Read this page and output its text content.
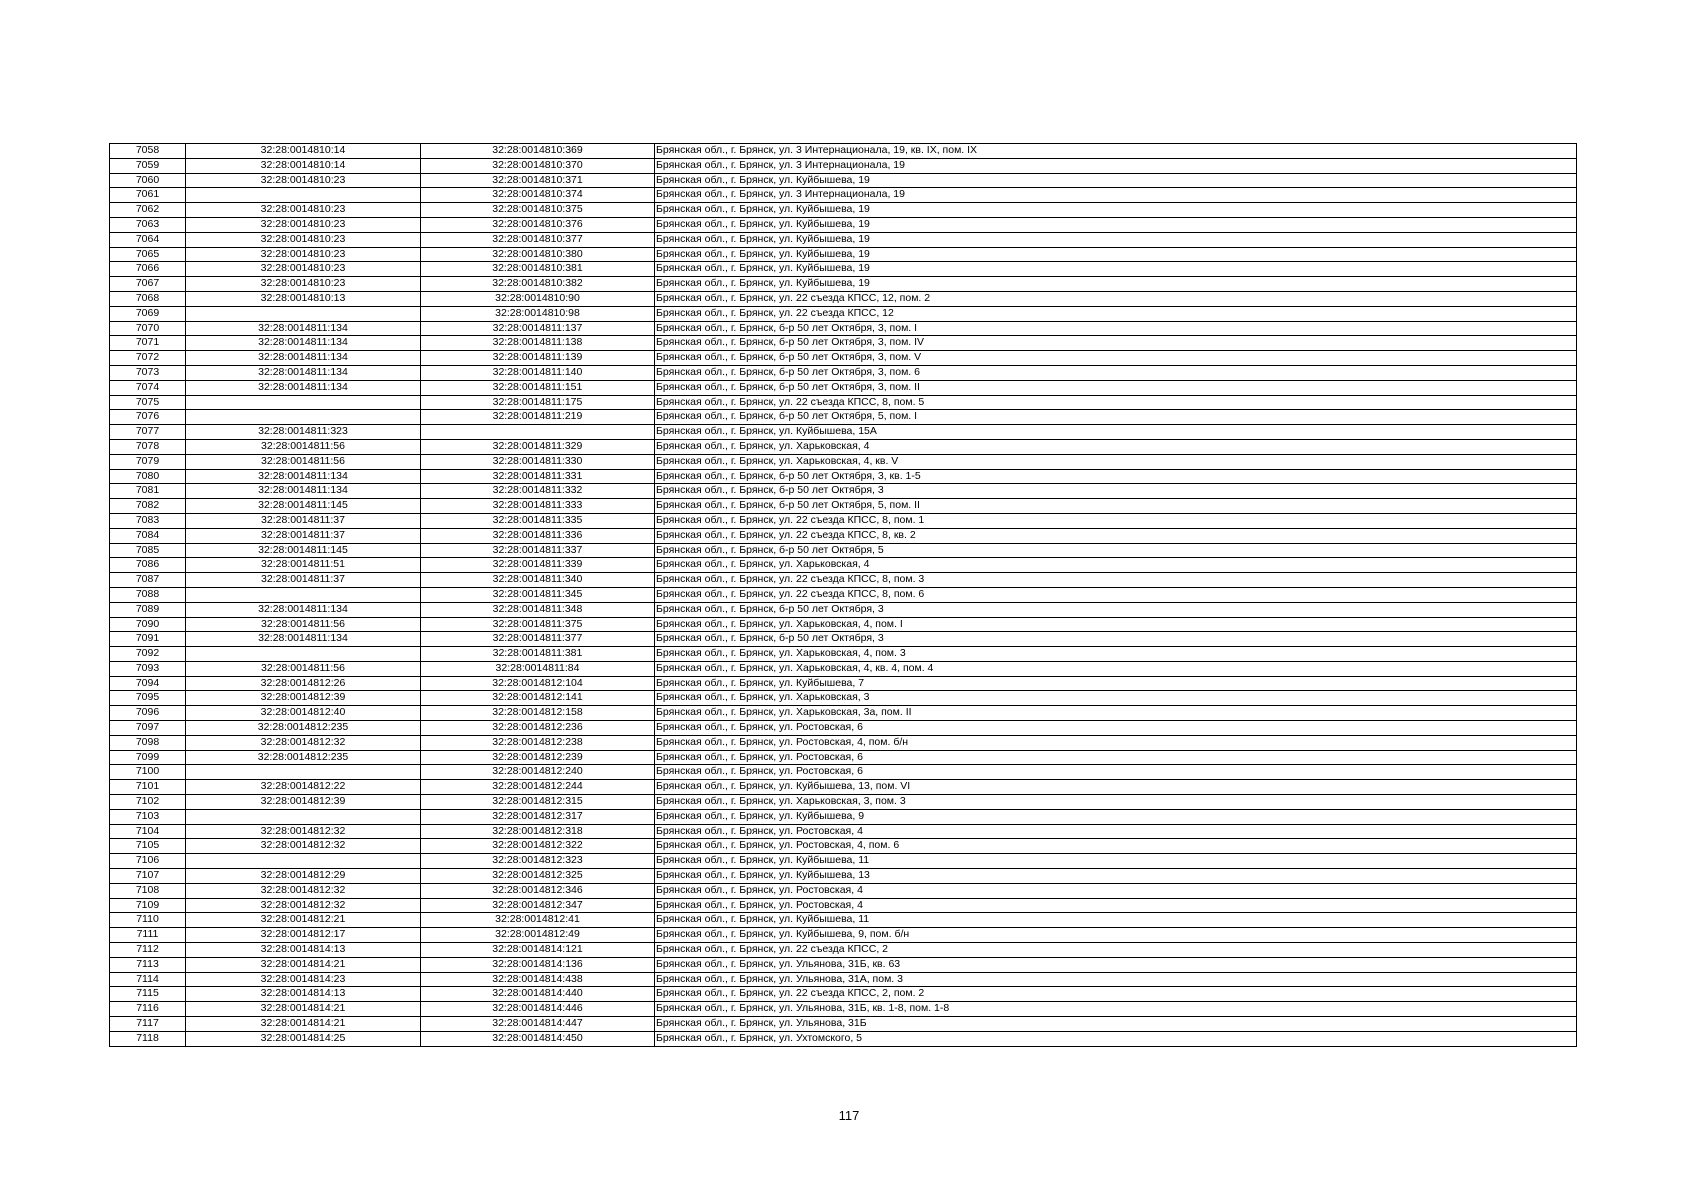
7058	32:28:0014810:14	32:28:0014810:369	Брянская обл., г. Брянск, ул. 3 Интернационала, 19, кв. IX, пом. IX
7059	32:28:0014810:14	32:28:0014810:370	Брянская обл., г. Брянск, ул. 3 Интернационала, 19
7060	32:28:0014810:23	32:28:0014810:371	Брянская обл., г. Брянск, ул. Куйбышева, 19
7061		32:28:0014810:374	Брянская обл., г. Брянск, ул. 3 Интернационала, 19
7062	32:28:0014810:23	32:28:0014810:375	Брянская обл., г. Брянск, ул. Куйбышева, 19
7063	32:28:0014810:23	32:28:0014810:376	Брянская обл., г. Брянск, ул. Куйбышева, 19
7064	32:28:0014810:23	32:28:0014810:377	Брянская обл., г. Брянск, ул. Куйбышева, 19
7065	32:28:0014810:23	32:28:0014810:380	Брянская обл., г. Брянск, ул. Куйбышева, 19
7066	32:28:0014810:23	32:28:0014810:381	Брянская обл., г. Брянск, ул. Куйбышева, 19
7067	32:28:0014810:23	32:28:0014810:382	Брянская обл., г. Брянск, ул. Куйбышева, 19
7068	32:28:0014810:13	32:28:0014810:90	Брянская обл., г. Брянск, ул. 22 съезда КПСС, 12, пом. 2
7069		32:28:0014810:98	Брянская обл., г. Брянск, ул. 22 съезда КПСС, 12
7070	32:28:0014811:134	32:28:0014811:137	Брянская обл., г. Брянск, б-р 50 лет Октября, 3, пом. I
7071	32:28:0014811:134	32:28:0014811:138	Брянская обл., г. Брянск, б-р 50 лет Октября, 3, пом. IV
7072	32:28:0014811:134	32:28:0014811:139	Брянская обл., г. Брянск, б-р 50 лет Октября, 3, пом. V
7073	32:28:0014811:134	32:28:0014811:140	Брянская обл., г. Брянск, б-р 50 лет Октября, 3, пом. 6
7074	32:28:0014811:134	32:28:0014811:151	Брянская обл., г. Брянск, б-р 50 лет Октября, 3, пом. II
7075		32:28:0014811:175	Брянская обл., г. Брянск, ул. 22 съезда КПСС, 8, пом. 5
7076		32:28:0014811:219	Брянская обл., г. Брянск, б-р 50 лет Октября, 5, пом. I
7077	32:28:0014811:323		Брянская обл., г. Брянск, ул. Куйбышева, 15А
7078	32:28:0014811:56	32:28:0014811:329	Брянская обл., г. Брянск, ул. Харьковская, 4
7079	32:28:0014811:56	32:28:0014811:330	Брянская обл., г. Брянск, ул. Харьковская, 4, кв. V
7080	32:28:0014811:134	32:28:0014811:331	Брянская обл., г. Брянск, б-р 50 лет Октября, 3, кв. 1-5
7081	32:28:0014811:134	32:28:0014811:332	Брянская обл., г. Брянск, б-р 50 лет Октября, 3
7082	32:28:0014811:145	32:28:0014811:333	Брянская обл., г. Брянск, б-р 50 лет Октября, 5, пом. II
7083	32:28:0014811:37	32:28:0014811:335	Брянская обл., г. Брянск, ул. 22 съезда КПСС, 8, пом. 1
7084	32:28:0014811:37	32:28:0014811:336	Брянская обл., г. Брянск, ул. 22 съезда КПСС, 8, кв. 2
7085	32:28:0014811:145	32:28:0014811:337	Брянская обл., г. Брянск, б-р 50 лет Октября, 5
7086	32:28:0014811:51	32:28:0014811:339	Брянская обл., г. Брянск, ул. Харьковская, 4
7087	32:28:0014811:37	32:28:0014811:340	Брянская обл., г. Брянск, ул. 22 съезда КПСС, 8, пом. 3
7088		32:28:0014811:345	Брянская обл., г. Брянск, ул. 22 съезда КПСС, 8, пом. 6
7089	32:28:0014811:134	32:28:0014811:348	Брянская обл., г. Брянск, б-р 50 лет Октября, 3
7090	32:28:0014811:56	32:28:0014811:375	Брянская обл., г. Брянск, ул. Харьковская, 4, пом. I
7091	32:28:0014811:134	32:28:0014811:377	Брянская обл., г. Брянск, б-р 50 лет Октября, 3
7092		32:28:0014811:381	Брянская обл., г. Брянск, ул. Харьковская, 4, пом. 3
7093	32:28:0014811:56	32:28:0014811:84	Брянская обл., г. Брянск, ул. Харьковская, 4, кв. 4, пом. 4
7094	32:28:0014812:26	32:28:0014812:104	Брянская обл., г. Брянск, ул. Куйбышева, 7
7095	32:28:0014812:39	32:28:0014812:141	Брянская обл., г. Брянск, ул. Харьковская, 3
7096	32:28:0014812:40	32:28:0014812:158	Брянская обл., г. Брянск, ул. Харьковская, 3а, пом. II
7097	32:28:0014812:235	32:28:0014812:236	Брянская обл., г. Брянск, ул. Ростовская, 6
7098	32:28:0014812:32	32:28:0014812:238	Брянская обл., г. Брянск, ул. Ростовская, 4, пом. б/н
7099	32:28:0014812:235	32:28:0014812:239	Брянская обл., г. Брянск, ул. Ростовская, 6
7100		32:28:0014812:240	Брянская обл., г. Брянск, ул. Ростовская, 6
7101	32:28:0014812:22	32:28:0014812:244	Брянская обл., г. Брянск, ул. Куйбышева, 13, пом. VI
7102	32:28:0014812:39	32:28:0014812:315	Брянская обл., г. Брянск, ул. Харьковская, 3, пом. 3
7103		32:28:0014812:317	Брянская обл., г. Брянск, ул. Куйбышева, 9
7104	32:28:0014812:32	32:28:0014812:318	Брянская обл., г. Брянск, ул. Ростовская, 4
7105	32:28:0014812:32	32:28:0014812:322	Брянская обл., г. Брянск, ул. Ростовская, 4, пом. 6
7106		32:28:0014812:323	Брянская обл., г. Брянск, ул. Куйбышева, 11
7107	32:28:0014812:29	32:28:0014812:325	Брянская обл., г. Брянск, ул. Куйбышева, 13
7108	32:28:0014812:32	32:28:0014812:346	Брянская обл., г. Брянск, ул. Ростовская, 4
7109	32:28:0014812:32	32:28:0014812:347	Брянская обл., г. Брянск, ул. Ростовская, 4
7110	32:28:0014812:21	32:28:0014812:41	Брянская обл., г. Брянск, ул. Куйбышева, 11
7111	32:28:0014812:17	32:28:0014812:49	Брянская обл., г. Брянск, ул. Куйбышева, 9, пом. б/н
7112	32:28:0014814:13	32:28:0014814:121	Брянская обл., г. Брянск, ул. 22 съезда КПСС, 2
7113	32:28:0014814:21	32:28:0014814:136	Брянская обл., г. Брянск, ул. Ульянова, 31Б, кв. 63
7114	32:28:0014814:23	32:28:0014814:438	Брянская обл., г. Брянск, ул. Ульянова, 31А, пом. 3
7115	32:28:0014814:13	32:28:0014814:440	Брянская обл., г. Брянск, ул. 22 съезда КПСС, 2, пом. 2
7116	32:28:0014814:21	32:28:0014814:446	Брянская обл., г. Брянск, ул. Ульянова, 31Б, кв. 1-8, пом. 1-8
7117	32:28:0014814:21	32:28:0014814:447	Брянская обл., г. Брянск, ул. Ульянова, 31Б
7118	32:28:0014814:25	32:28:0014814:450	Брянская обл., г. Брянск, ул. Ухтомского, 5
117
